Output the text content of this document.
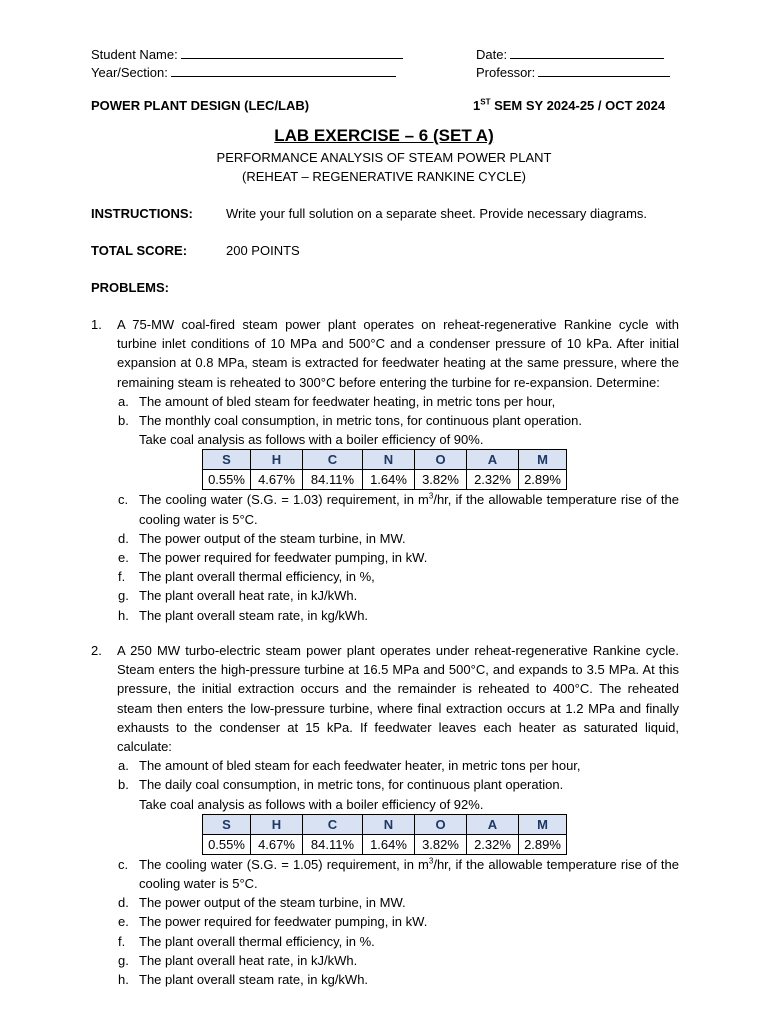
Student Name:
Year/Section:
Date:
Professor:
POWER PLANT DESIGN (LEC/LAB)	1ST SEM SY 2024-25 / OCT 2024
LAB EXERCISE – 6 (SET A)
PERFORMANCE ANALYSIS OF STEAM POWER PLANT
(REHEAT – REGENERATIVE RANKINE CYCLE)
INSTRUCTIONS:	Write your full solution on a separate sheet. Provide necessary diagrams.
TOTAL SCORE:	200 POINTS
PROBLEMS:
1. A 75-MW coal-fired steam power plant operates on reheat-regenerative Rankine cycle with turbine inlet conditions of 10 MPa and 500°C and a condenser pressure of 10 kPa. After initial expansion at 0.8 MPa, steam is extracted for feedwater heating at the same pressure, where the remaining steam is reheated to 300°C before entering the turbine for re-expansion. Determine:
a. The amount of bled steam for feedwater heating, in metric tons per hour,
b. The monthly coal consumption, in metric tons, for continuous plant operation.
Take coal analysis as follows with a boiler efficiency of 90%.
S	H	C	N	O	A	M
0.55%	4.67%	84.11%	1.64%	3.82%	2.32%	2.89%
c. The cooling water (S.G. = 1.03) requirement, in $m^3/hr$, if the allowable temperature rise of the cooling water is 5°C.
d. The power output of the steam turbine, in MW.
e. The power required for feedwater pumping, in kW.
f. The plant overall thermal efficiency, in %,
g. The plant overall heat rate, in kJ/kWh.
h. The plant overall steam rate, in kg/kWh.
2. A 250 MW turbo-electric steam power plant operates under reheat-regenerative Rankine cycle. Steam enters the high-pressure turbine at 16.5 MPa and 500°C, and expands to 3.5 MPa. At this pressure, the initial extraction occurs and the remainder is reheated to 400°C. The reheated steam then enters the low-pressure turbine, where final extraction occurs at 1.2 MPa and finally exhausts to the condenser at 15 kPa. If feedwater leaves each heater as saturated liquid, calculate:
a. The amount of bled steam for each feedwater heater, in metric tons per hour,
b. The daily coal consumption, in metric tons, for continuous plant operation.
Take coal analysis as follows with a boiler efficiency of 92%.
S	H	C	N	O	A	M
0.55%	4.67%	84.11%	1.64%	3.82%	2.32%	2.89%
c. The cooling water (S.G. = 1.05) requirement, in $m^3/hr$, if the allowable temperature rise of the cooling water is 5°C.
d. The power output of the steam turbine, in MW.
e. The power required for feedwater pumping, in kW.
f. The plant overall thermal efficiency, in %.
g. The plant overall heat rate, in kJ/kWh.
h. The plant overall steam rate, in kg/kWh.
